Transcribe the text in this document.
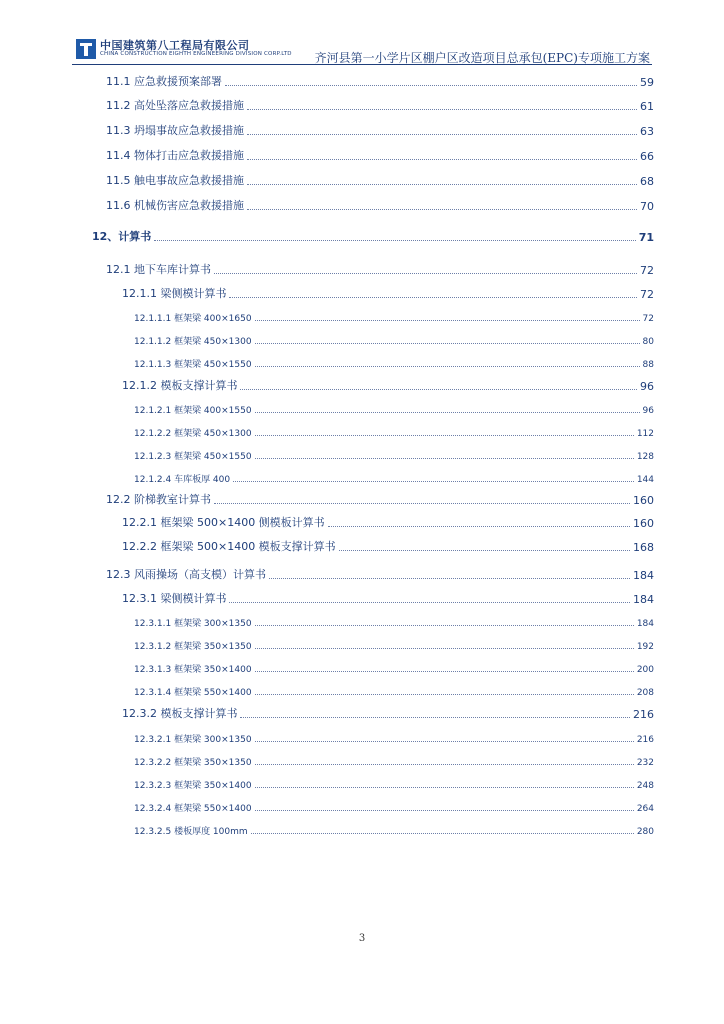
中国建筑第八工程局有限公司
CHINA CONSTRUCTION EIGHTH ENGINEERING DIVISION CORP.LTD 齐河县第一小学片区棚户区改造项目总承包(EPC)专项施工方案
11.1 应急救援预案部署	59
11.2 高处坠落应急救援措施	61
11.3 坍塌事故应急救援措施	63
11.4 物体打击应急救援措施	66
11.5 触电事故应急救援措施	68
11.6 机械伤害应急救援措施	70
12、计算书	71
12.1 地下车库计算书	72
12.1.1 梁侧模计算书	72
12.1.1.1 框架梁 400×1650	72
12.1.1.2 框架梁 450×1300	80
12.1.1.3 框架梁 450×1550	88
12.1.2 模板支撑计算书	96
12.1.2.1 框架梁 400×1550	96
12.1.2.2 框架梁 450×1300	112
12.1.2.3 框架梁 450×1550	128
12.1.2.4 车库板厚 400	144
12.2 阶梯教室计算书	160
12.2.1 框架梁 500×1400 侧模板计算书	160
12.2.2 框架梁 500×1400 模板支撑计算书	168
12.3 风雨操场（高支模）计算书	184
12.3.1 梁侧模计算书	184
12.3.1.1 框架梁 300×1350	184
12.3.1.2 框架梁 350×1350	192
12.3.1.3 框架梁 350×1400	200
12.3.1.4 框架梁 550×1400	208
12.3.2 模板支撑计算书	216
12.3.2.1 框架梁 300×1350	216
12.3.2.2 框架梁 350×1350	232
12.3.2.3 框架梁 350×1400	248
12.3.2.4 框架梁 550×1400	264
12.3.2.5 楼板厚度 100mm	280
3
